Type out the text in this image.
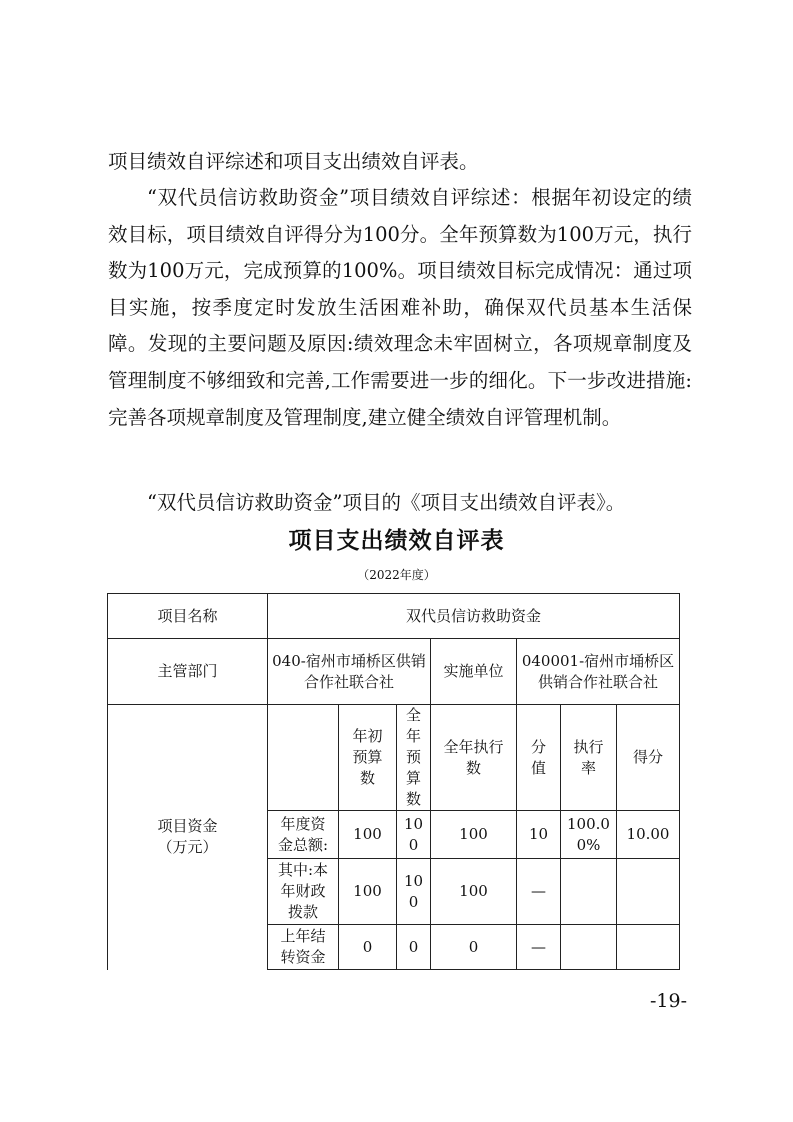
项目绩效自评综述和项目支出绩效自评表。

“双代员信访救助资金”项目绩效自评综述：根据年初设定的绩效目标，项目绩效自评得分为100分。全年预算数为100万元，执行数为100万元，完成预算的100%。项目绩效目标完成情况：通过项目实施，按季度定时发放生活困难补助，确保双代员基本生活保障。发现的主要问题及原因:绩效理念未牢固树立，各项规章制度及管理制度不够细致和完善,工作需要进一步的细化。下一步改进措施:完善各项规章制度及管理制度,建立健全绩效自评管理机制。

“双代员信访救助资金”项目的《项目支出绩效自评表》。

项目支出绩效自评表
（2022年度）
项目名称	双代员信访救助资金						
主管部门	040-宿州市埇桥区供销合作社联合社			实施单位	040001-宿州市埇桥区供销合作社联合社		
项目资金（万元）		年初预算数	全年预算数	全年执行数	分值	执行率	得分
	年度资金总额:	100	100	100	10	100.00%	10.00
	其中:本年财政拨款	100	100	100	—		
	上年结转资金	0	0	0	—		
-19-
